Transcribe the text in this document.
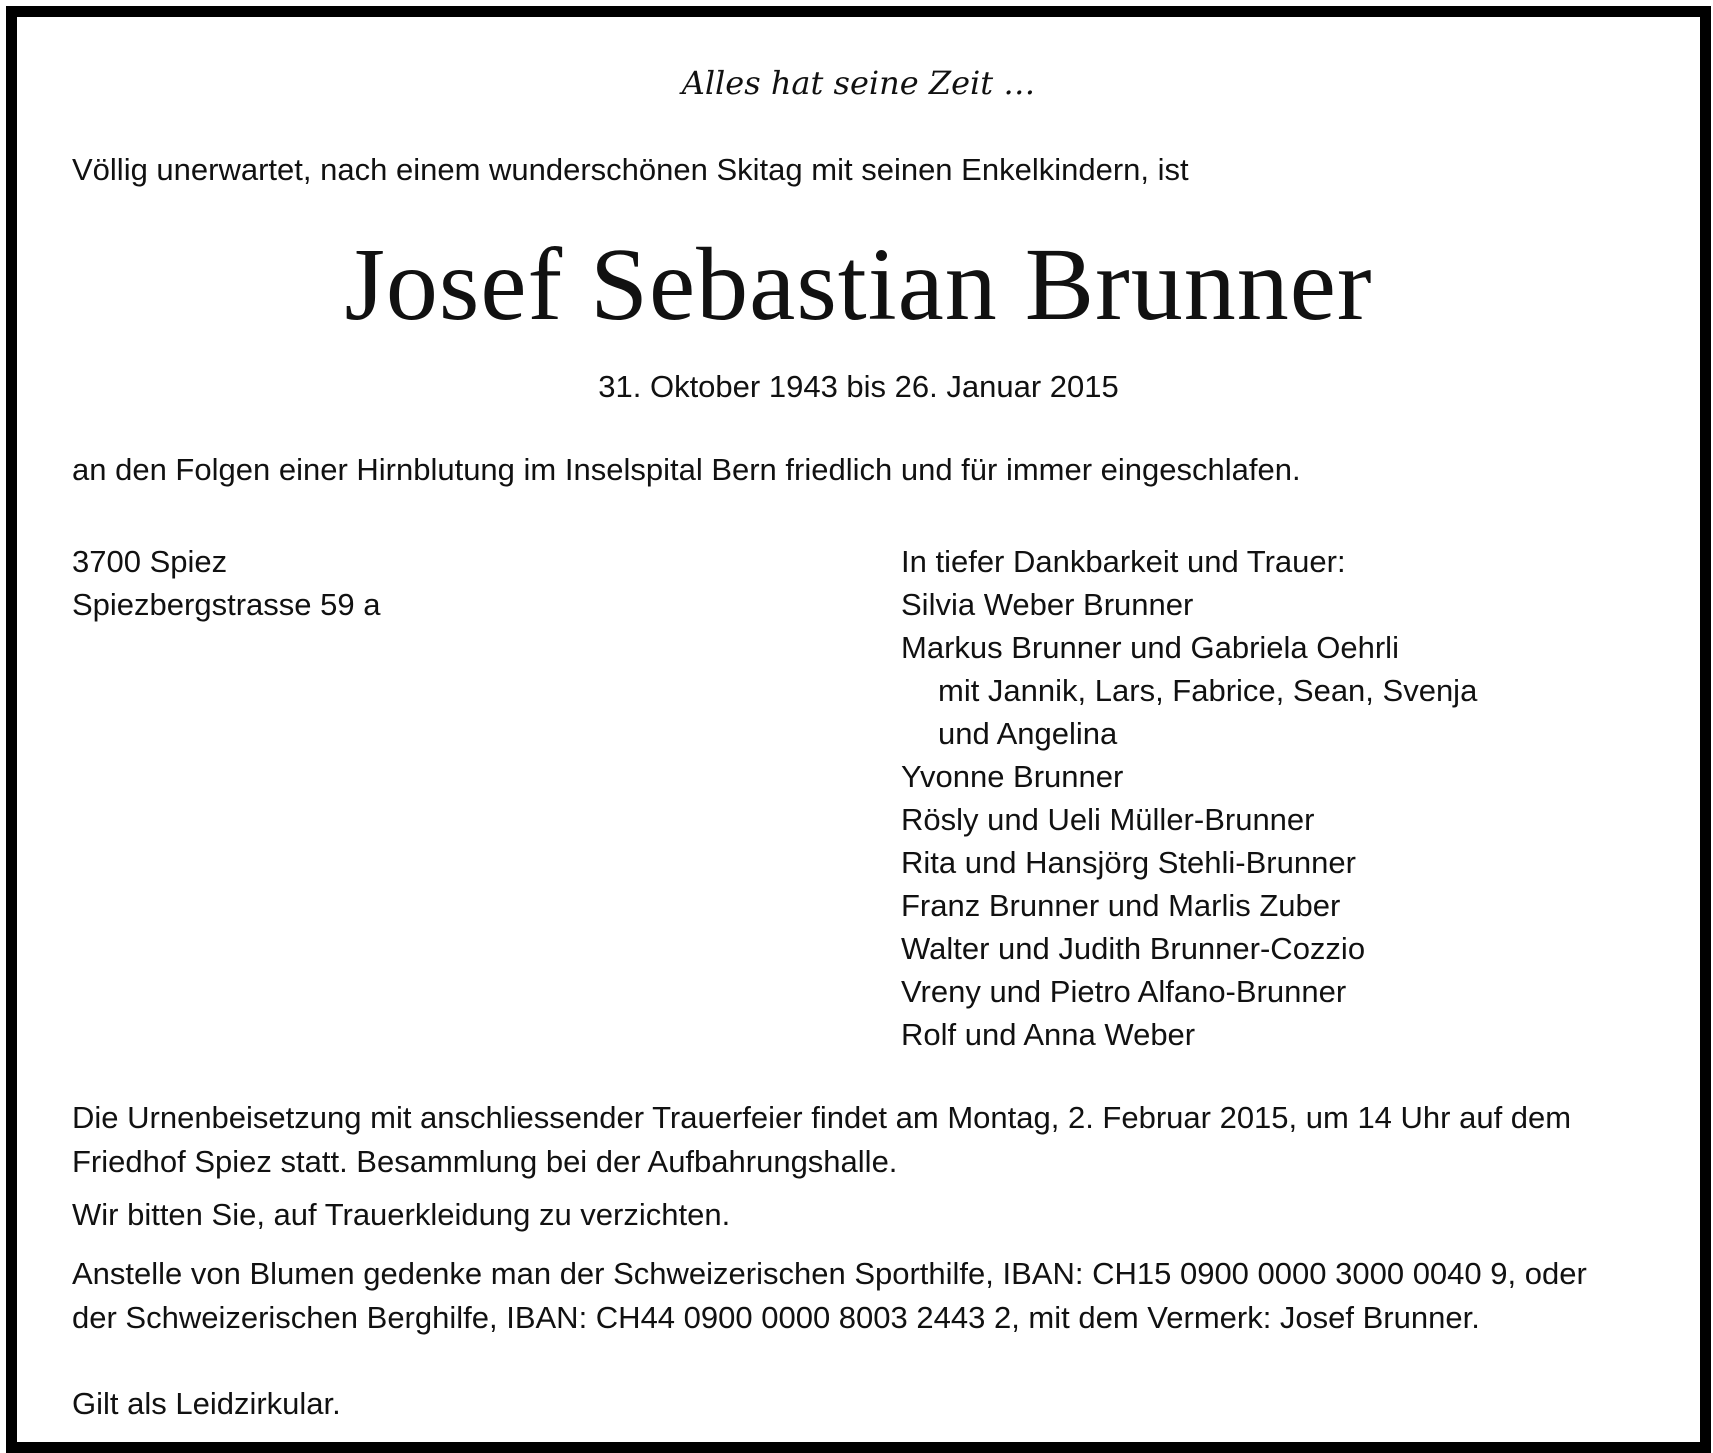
Alles hat seine Zeit …
Völlig unerwartet, nach einem wunderschönen Skitag mit seinen Enkelkindern, ist
Josef Sebastian Brunner
31. Oktober 1943 bis 26. Januar 2015
an den Folgen einer Hirnblutung im Inselspital Bern friedlich und für immer eingeschlafen.
3700 Spiez
Spiezbergstrasse 59 a
In tiefer Dankbarkeit und Trauer:
Silvia Weber Brunner
Markus Brunner und Gabriela Oehrli
mit Jannik, Lars, Fabrice, Sean, Svenja
und Angelina
Yvonne Brunner
Rösly und Ueli Müller-Brunner
Rita und Hansjörg Stehli-Brunner
Franz Brunner und Marlis Zuber
Walter und Judith Brunner-Cozzio
Vreny und Pietro Alfano-Brunner
Rolf und Anna Weber
Die Urnenbeisetzung mit anschliessender Trauerfeier findet am Montag, 2. Februar 2015, um 14 Uhr auf dem
Friedhof Spiez statt. Besammlung bei der Aufbahrungshalle.
Wir bitten Sie, auf Trauerkleidung zu verzichten.
Anstelle von Blumen gedenke man der Schweizerischen Sporthilfe, IBAN: CH15 0900 0000 3000 0040 9, oder
der Schweizerischen Berghilfe, IBAN: CH44 0900 0000 8003 2443 2, mit dem Vermerk: Josef Brunner.
Gilt als Leidzirkular.
